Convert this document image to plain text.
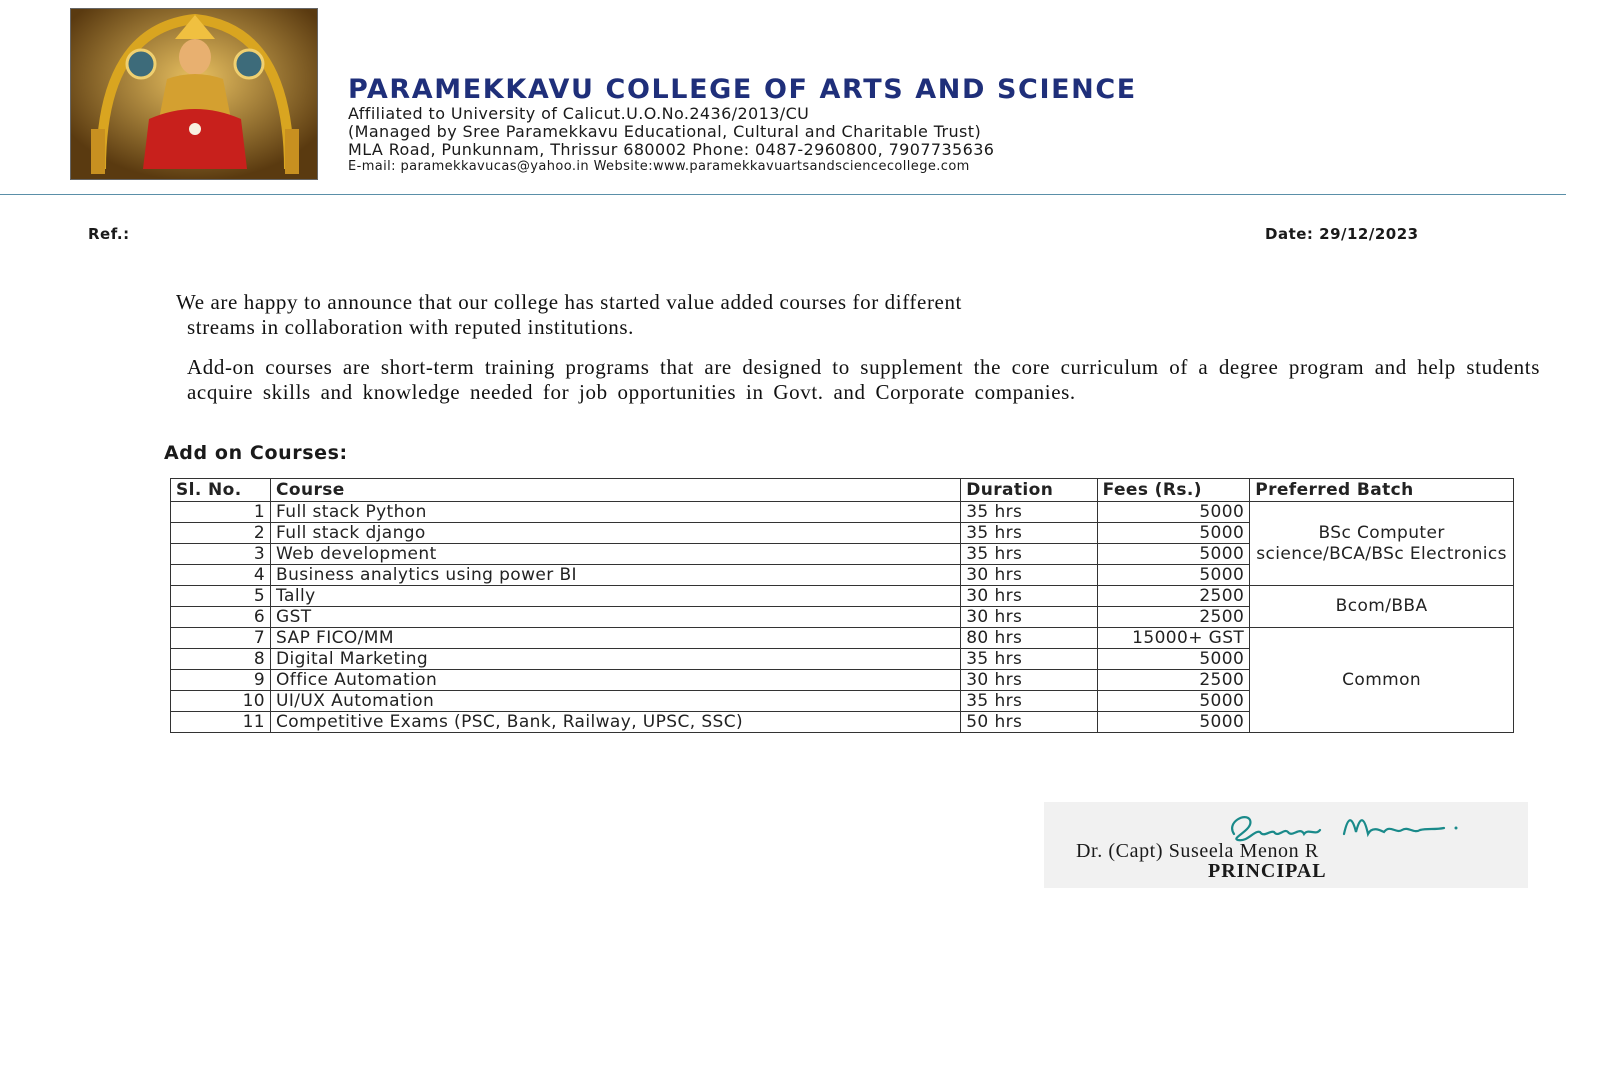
PARAMEKKAVU COLLEGE OF ARTS AND SCIENCE
Affiliated to University of Calicut.U.O.No.2436/2013/CU
(Managed by Sree Paramekkavu Educational, Cultural and Charitable Trust)
MLA Road, Punkunnam, Thrissur 680002 Phone: 0487-2960800, 7907735636
E-mail: paramekkavucas@yahoo.in Website:www.paramekkavuartsandsciencecollege.com
Ref.:	Date: 29/12/2023
We are happy to announce that our college has started value added courses for different
streams in collaboration with reputed institutions.
Add-on courses are short-term training programs that are designed to supplement the core curriculum of a degree program and help students acquire skills and knowledge needed for job opportunities in Govt. and Corporate companies.
Add on Courses:
Sl. No.	Course	Duration	Fees (Rs.)	Preferred Batch
1	Full stack Python	35 hrs	5000	BSc Computer science/BCA/BSc Electronics
2	Full stack django	35 hrs	5000	
3	Web development	35 hrs	5000	
4	Business analytics using power BI	30 hrs	5000	
5	Tally	30 hrs	2500	Bcom/BBA
6	GST	30 hrs	2500	
7	SAP FICO/MM	80 hrs	15000+ GST	Common
8	Digital Marketing	35 hrs	5000	
9	Office Automation	30 hrs	2500	
10	UI/UX Automation	35 hrs	5000	
11	Competitive Exams (PSC, Bank, Railway, UPSC, SSC)	50 hrs	5000	
Dr. (Capt) Suseela Menon R
PRINCIPAL
